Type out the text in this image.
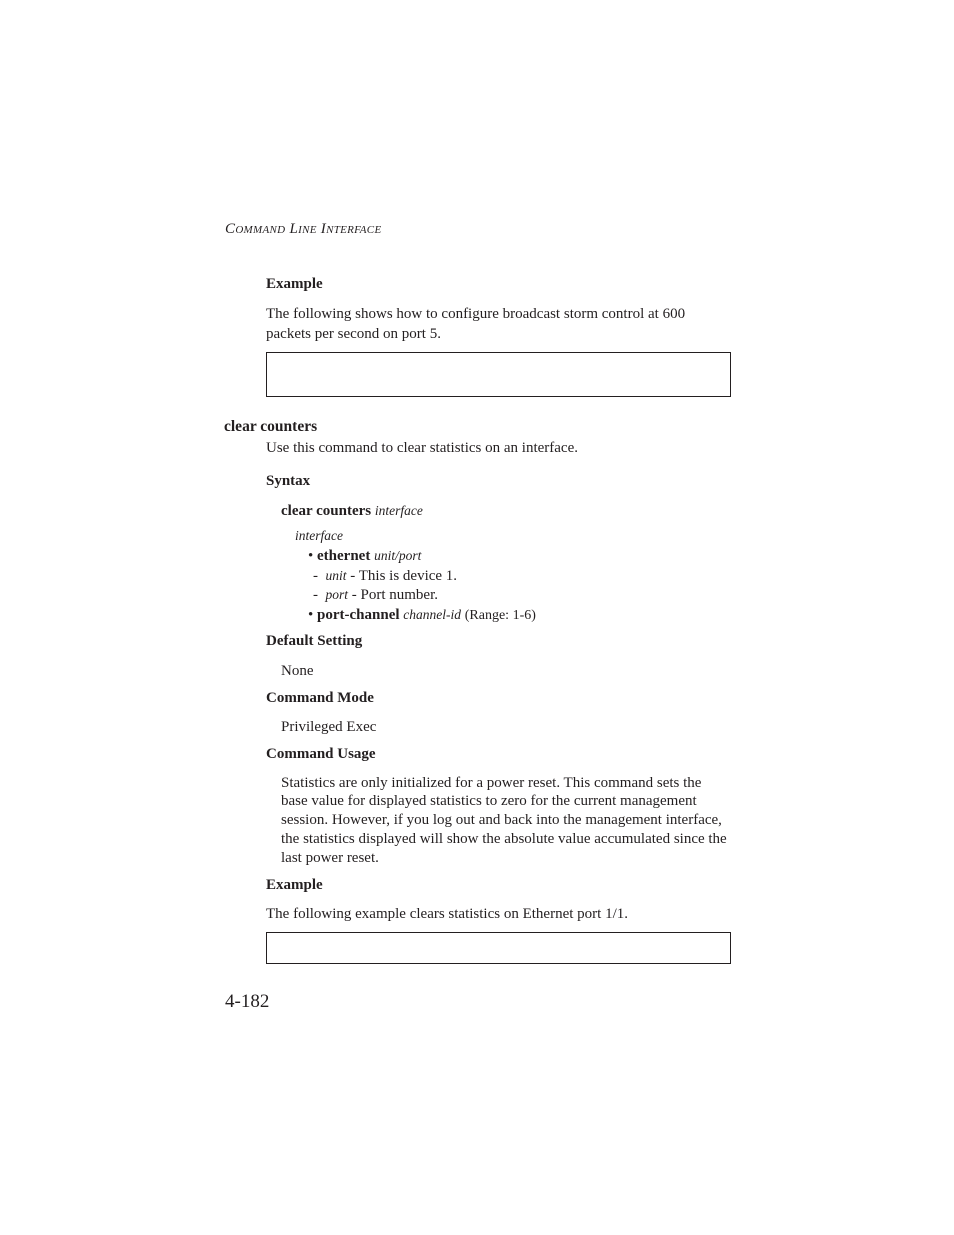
COMMAND LINE INTERFACE
Example
The following shows how to configure broadcast storm control at 600
packets per second on port 5.
clear counters
Use this command to clear statistics on an interface.
Syntax
clear counters interface
interface
• ethernet unit/port
-  unit - This is device 1.
-  port - Port number.
• port-channel channel-id (Range: 1-6)
Default Setting
None
Command Mode
Privileged Exec
Command Usage
Statistics are only initialized for a power reset. This command sets the
base value for displayed statistics to zero for the current management
session. However, if you log out and back into the management interface,
the statistics displayed will show the absolute value accumulated since the
last power reset.
Example
The following example clears statistics on Ethernet port 1/1.
4-182
